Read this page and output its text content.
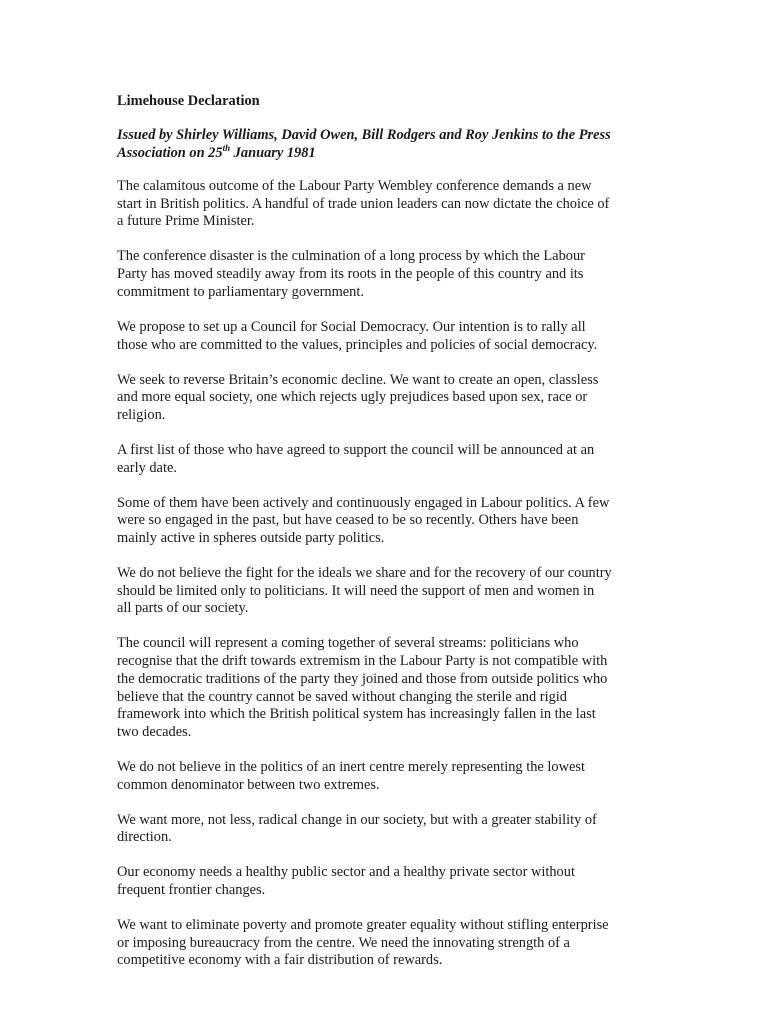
Limehouse Declaration
Issued by Shirley Williams, David Owen, Bill Rodgers and Roy Jenkins to the Press Association on 25th January 1981

The calamitous outcome of the Labour Party Wembley conference demands a new
start in British politics. A handful of trade union leaders can now dictate the choice of
a future Prime Minister.

The conference disaster is the culmination of a long process by which the Labour
Party has moved steadily away from its roots in the people of this country and its
commitment to parliamentary government.

We propose to set up a Council for Social Democracy. Our intention is to rally all
those who are committed to the values, principles and policies of social democracy.

We seek to reverse Britain’s economic decline. We want to create an open, classless
and more equal society, one which rejects ugly prejudices based upon sex, race or
religion.

A first list of those who have agreed to support the council will be announced at an
early date.

Some of them have been actively and continuously engaged in Labour politics. A few
were so engaged in the past, but have ceased to be so recently. Others have been
mainly active in spheres outside party politics.

We do not believe the fight for the ideals we share and for the recovery of our country
should be limited only to politicians. It will need the support of men and women in
all parts of our society.

The council will represent a coming together of several streams: politicians who
recognise that the drift towards extremism in the Labour Party is not compatible with
the democratic traditions of the party they joined and those from outside politics who
believe that the country cannot be saved without changing the sterile and rigid
framework into which the British political system has increasingly fallen in the last
two decades.

We do not believe in the politics of an inert centre merely representing the lowest
common denominator between two extremes.

We want more, not less, radical change in our society, but with a greater stability of
direction.

Our economy needs a healthy public sector and a healthy private sector without
frequent frontier changes.

We want to eliminate poverty and promote greater equality without stifling enterprise
or imposing bureaucracy from the centre. We need the innovating strength of a
competitive economy with a fair distribution of rewards.
